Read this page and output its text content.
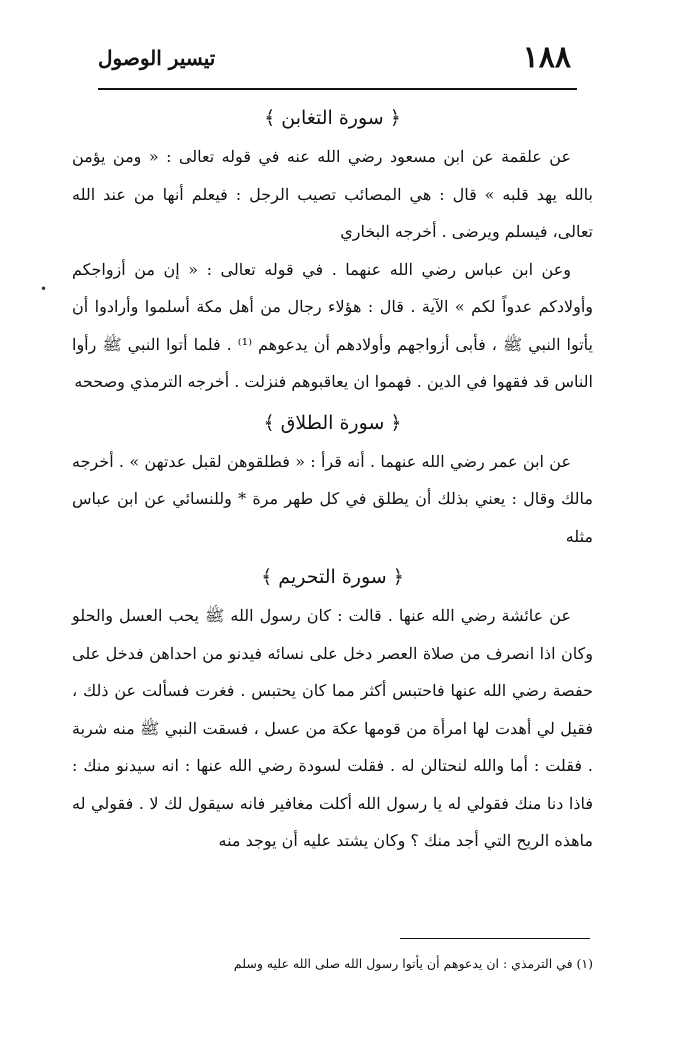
١٨٨
تيسير الوصول
•
﴿ سورة التغابن ﴾

عن علقمة عن ابن مسعود رضي الله عنه في قوله تعالى : « ومن يؤمن بالله يهد قلبه » قال : هي المصائب تصيب الرجل : فيعلم أنها من عند الله تعالى، فيسلم ويرضى . أخرجه البخاري

وعن ابن عباس رضي الله عنهما . في قوله تعالى : « إن من أزواجكم وأولادكم عدواً لكم » الآية . قال : هؤلاء رجال من أهل مكة أسلموا وأرادوا أن يأتوا النبي ﷺ ، فأبى أزواجهم وأولادهم أن يدعوهم ⁽¹⁾ . فلما أتوا النبي ﷺ رأوا الناس قد فقهوا في الدين . فهموا ان يعاقبوهم فنزلت . أخرجه الترمذي وصححه

﴿ سورة الطلاق ﴾

عن ابن عمر رضي الله عنهما . أنه قرأ : « فطلقوهن لقبل عدتهن » . أخرجه مالك وقال : يعني بذلك أن يطلق في كل طهر مرة * وللنسائي عن ابن عباس مثله

﴿ سورة التحريم ﴾

عن عائشة رضي الله عنها . قالت : كان رسول الله ﷺ يحب العسل والحلو وكان اذا انصرف من صلاة العصر دخل على نسائه فيدنو من احداهن فدخل على حفصة رضي الله عنها فاحتبس أكثر مما كان يحتبس . فغرت فسألت عن ذلك ، فقيل لي أهدت لها امرأة من قومها عكة من عسل ، فسقت النبي ﷺ منه شربة . فقلت : أما والله لنحتالن له . فقلت لسودة رضي الله عنها : انه سيدنو منك : فاذا دنا منك فقولي له يا رسول الله أكلت مغافير فانه سيقول لك لا . فقولي له ماهذه الريح التي أجد منك ؟ وكان يشتد عليه أن يوجد منه

(١) في الترمذي : ان يدعوهم أن يأتوا رسول الله صلى الله عليه وسلم
